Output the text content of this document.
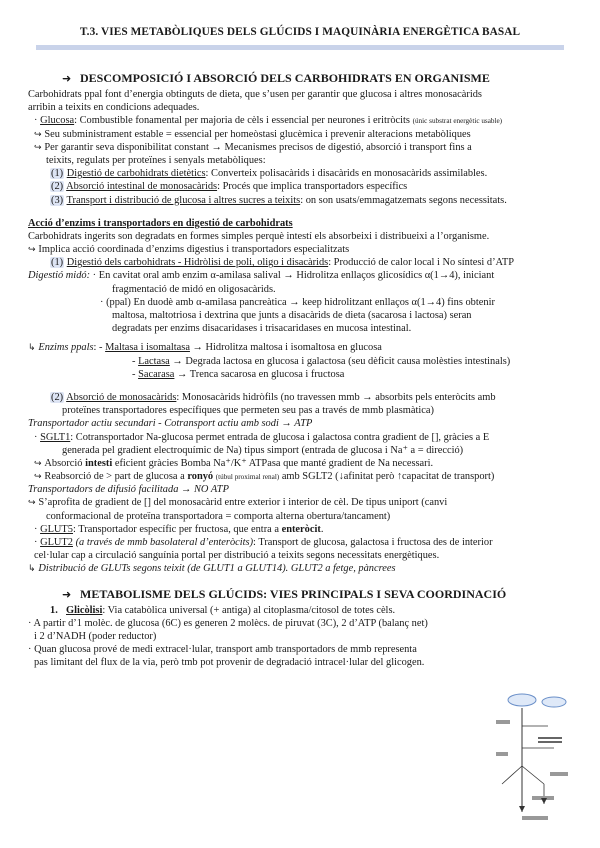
T.3. VIES METABÒLIQUES DELS GLÚCIDS I MAQUINÀRIA ENERGÈTICA BASAL
➜ DESCOMPOSICIÓ I ABSORCIÓ DELS CARBOHIDRATS EN ORGANISME
Carbohidrats ppal font d’energia obtinguts de dieta, que s’usen per garantir que glucosa i altres monosacàrids
arribin a teixits en condicions adequades.
· Glucosa: Combustible fonamental per majoria de cèls i essencial per neurones i eritròcits (únic substrat energètic usable)
↪ Seu subministrament estable = essencial per homeòstasi glucèmica i prevenir alteracions metabòliques
↪ Per garantir seva disponibilitat constant → Mecanismes precisos de digestió, absorció i transport fins a
teixits, regulats per proteïnes i senyals metabòliques:
(1) Digestió de carbohidrats dietètics: Converteix polisacàrids i disacàrids en monosacàrids assimilables.
(2) Absorció intestinal de monosacàrids: Procés que implica transportadors específics
(3) Transport i distribució de glucosa i altres sucres a teixits: on son usats/emmagatzemats segons necessitats.
Acció d’enzims i transportadors en digestió de carbohidrats
Carbohidrats ingerits son degradats en formes simples perquè intestí els absorbeixi i distribueixi a l’organisme.
↪ Implica acció coordinada d’enzims digestius i transportadors especialitzats
(1) Digestió dels carbohidrats - Hidròlisi de poli, oligo i disacàrids: Producció de calor local i No síntesi d’ATP
Digestió midó: · En cavitat oral amb enzim α-amilasa salival → Hidrolitza enllaços glicosídics α(1→4), iniciant
fragmentació de midó en oligosacàrids.
· (ppal) En duodè amb α-amilasa pancreàtica → keep hidrolitzant enllaços α(1→4) fins obtenir
maltosa, maltotriosa i dextrina que junts a disacàrids de dieta (sacarosa i lactosa) seran
degradats per enzims disacaridases i trisacaridases en mucosa intestinal.
↳ Enzims ppals: - Maltasa i isomaltasa → Hidrolitza maltosa i isomaltosa en glucosa
- Lactasa → Degrada lactosa en glucosa i galactosa (seu dèficit causa molèsties intestinals)
- Sacarasa → Trenca sacarosa en glucosa i fructosa
(2) Absorció de monosacàrids: Monosacàrids hidròfils (no travessen mmb → absorbits pels enteròcits amb
proteïnes transportadores específiques que permeten seu pas a través de mmb plasmàtica)
Transportador actiu secundari - Cotransport actiu amb sodi → ATP
· SGLT1: Cotransportador Na-glucosa permet entrada de glucosa i galactosa contra gradient de [], gràcies a E
generada pel gradient electroquímic de Na) tipus simport (entrada de glucosa i Na⁺ a = direcció)
↪ Absorció intesti eficient gràcies Bomba Na⁺/K⁺ ATPasa que manté gradient de Na necessari.
↪ Reabsorció de > part de glucosa a ronyó (túbul proximal renal) amb SGLT2 (↓afinitat però ↑capacitat de transport)
Transportadors de difusió facilitada → NO ATP
↪ S’aprofita de gradient de [] del monosacàrid entre exterior i interior de cèl. De tipus uniport (canvi
conformacional de proteïna transportadora = comporta alterna obertura/tancament)
· GLUT5: Transportador específic per fructosa, que entra a enteròcit.
· GLUT2 (a través de mmb basolateral d’enteròcits): Transport de glucosa, galactosa i fructosa des de interior
cel·lular cap a circulació sanguínia portal per distribució a teixits segons necessitats energètiques.
↳ Distribució de GLUTs segons teixit (de GLUT1 a GLUT14). GLUT2 a fetge, pàncrees
➜ METABOLISME DELS GLÚCIDS: VIES PRINCIPALS I SEVA COORDINACIÓ
1. Glicòlisi: Via catabòlica universal (+ antiga) al citoplasma/citosol de totes cèls.
· A partir d’1 molèc. de glucosa (6C) es generen 2 molècs. de piruvat (3C), 2 d’ATP (balanç net)
i 2 d’NADH (poder reductor)
· Quan glucosa prové de medi extracel·lular, transport amb transportadors de mmb representa
pas limitant del flux de la via, però tmb pot provenir de degradació intracel·lular del glicogen.
